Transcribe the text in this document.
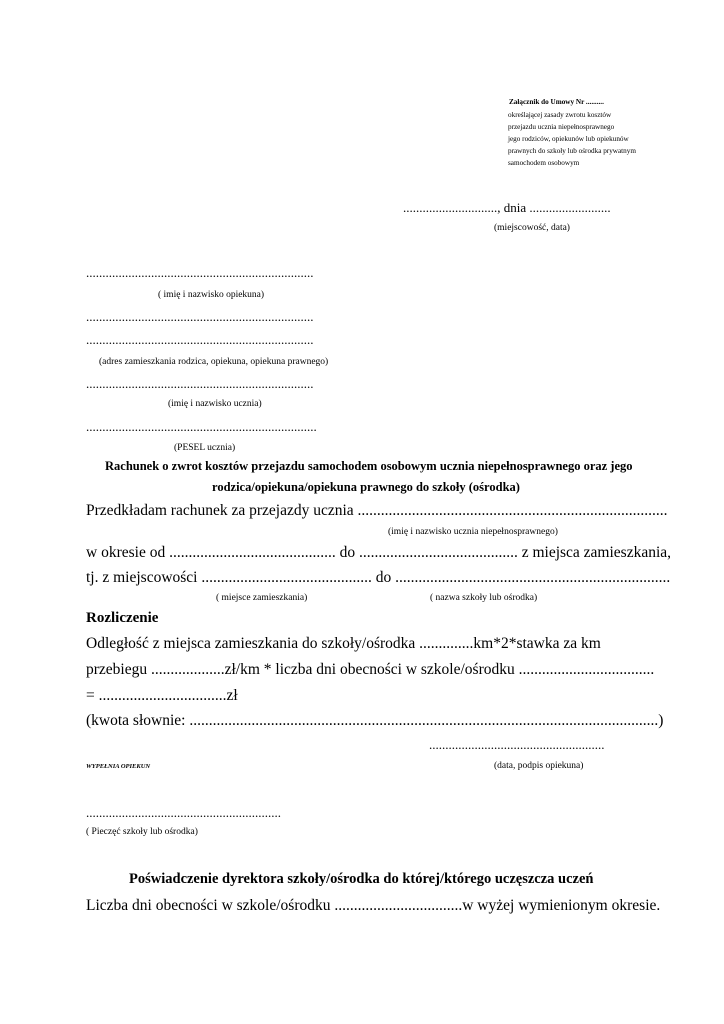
Załącznik do Umowy Nr ..........
określającej zasady zwrotu kosztów
przejazdu ucznia niepełnosprawnego
jego rodziców, opiekunów lub opiekunów
prawnych do szkoły lub ośrodka prywatnym
samochodem osobowym
............................., dnia .........................
(miejscowość, data)
......................................................................
( imię i nazwisko opiekuna)
......................................................................
......................................................................
(adres zamieszkania rodzica, opiekuna, opiekuna prawnego)
......................................................................
(imię i nazwisko ucznia)
.......................................................................
(PESEL ucznia)
Rachunek o zwrot kosztów przejazdu samochodem osobowym ucznia niepełnosprawnego oraz jego
rodzica/opiekuna/opiekuna prawnego do szkoły (ośrodka)
Przedkładam rachunek za przejazdy ucznia ................................................................................
(imię i nazwisko ucznia niepełnosprawnego)
w okresie od ........................................... do ......................................... z miejsca zamieszkania,
tj. z miejscowości ............................................ do .......................................................................
( miejsce zamieszkania)	( nazwa szkoły lub ośrodka)
Rozliczenie
Odległość z miejsca zamieszkania do szkoły/ośrodka ..............km*2*stawka za km
przebiegu ...................zł/km * liczba dni obecności w szkole/ośrodku ...................................
= .................................zł
(kwota słownie: .........................................................................................................................)
......................................................
WYPEŁNIA OPIEKUN	(data, podpis opiekuna)
............................................................
( Pieczęć szkoły lub ośrodka)
Poświadczenie dyrektora szkoły/ośrodka do której/którego uczęszcza uczeń
Liczba dni obecności w szkole/ośrodku .................................w wyżej wymienionym okresie.
